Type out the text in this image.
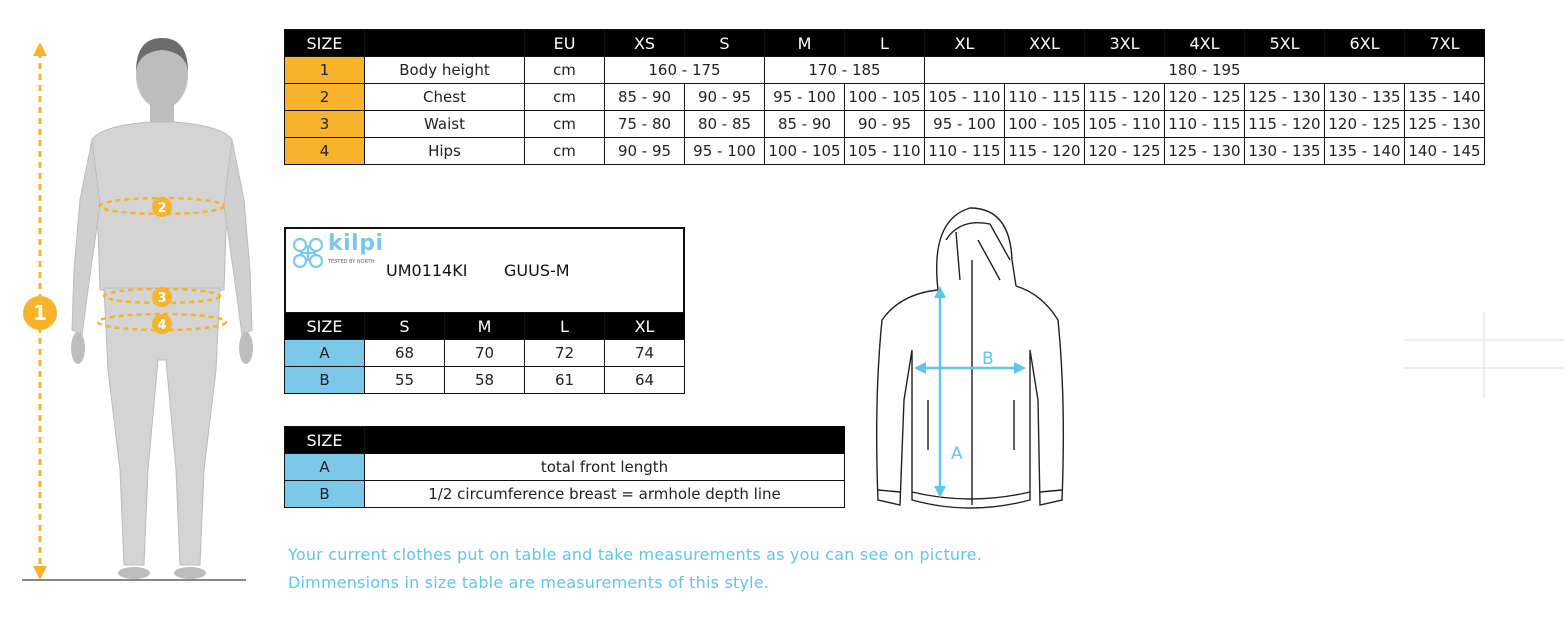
1
2
3
4
SIZE		EU	XS	S	M	L	XL	XXL	3XL	4XL	5XL	6XL	7XL
1	Body height	cm	160 - 175		170 - 185		180 - 195						
2	Chest	cm	85 - 90	90 - 95	95 - 100	100 - 105	105 - 110	110 - 115	115 - 120	120 - 125	125 - 130	130 - 135	135 - 140
3	Waist	cm	75 - 80	80 - 85	85 - 90	90 - 95	95 - 100	100 - 105	105 - 110	110 - 115	115 - 120	120 - 125	125 - 130
4	Hips	cm	90 - 95	95 - 100	100 - 105	105 - 110	110 - 115	115 - 120	120 - 125	125 - 130	130 - 135	135 - 140	140 - 145
kilpi
TESTED BY NORTH UM0114KI GUUS-M
SIZE	S	M	L	XL
A	68	70	72	74
B	55	58	61	64
SIZE	
A	total front length
B	1/2 circumference breast = armhole depth line
A
B
Your current clothes put on table and take measurements as you can see on picture.
Dimmensions in size table are measurements of this style.
